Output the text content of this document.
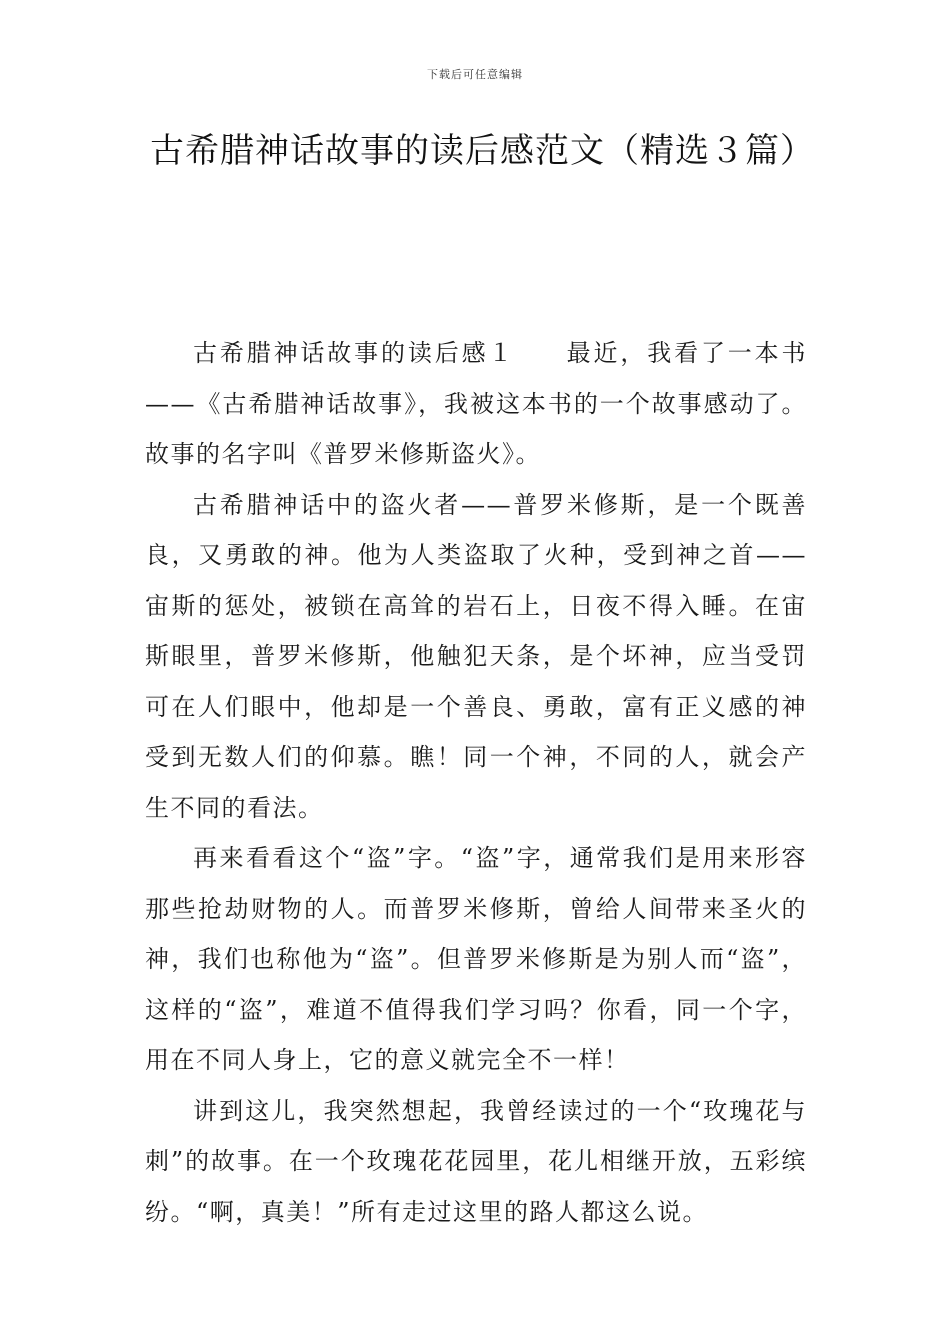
下载后可任意编辑
古希腊神话故事的读后感范文（精选３篇）

古希腊神话故事的读后感１ 最近，我看了一本书——《古希腊神话故事》，我被这本书的一个故事感动了。故事的名字叫《普罗米修斯盗火》。

古希腊神话中的盗火者——普罗米修斯，是一个既善良，又勇敢的神。他为人类盗取了火种，受到神之首——宙斯的惩处，被锁在高耸的岩石上，日夜不得入睡。在宙斯眼里，普罗米修斯，他触犯天条，是个坏神，应当受罚可在人们眼中，他却是一个善良、勇敢，富有正义感的神受到无数人们的仰慕。瞧！同一个神，不同的人，就会产生不同的看法。

再来看看这个“盗”字。“盗”字，通常我们是用来形容那些抢劫财物的人。而普罗米修斯，曾给人间带来圣火的神，我们也称他为“盗”。但普罗米修斯是为别人而“盗”，这样的“盗”，难道不值得我们学习吗？你看，同一个字，用在不同人身上，它的意义就完全不一样！

讲到这儿，我突然想起，我曾经读过的一个“玫瑰花与刺”的故事。在一个玫瑰花花园里，花儿相继开放，五彩缤纷。“啊，真美！”所有走过这里的路人都这么说。
